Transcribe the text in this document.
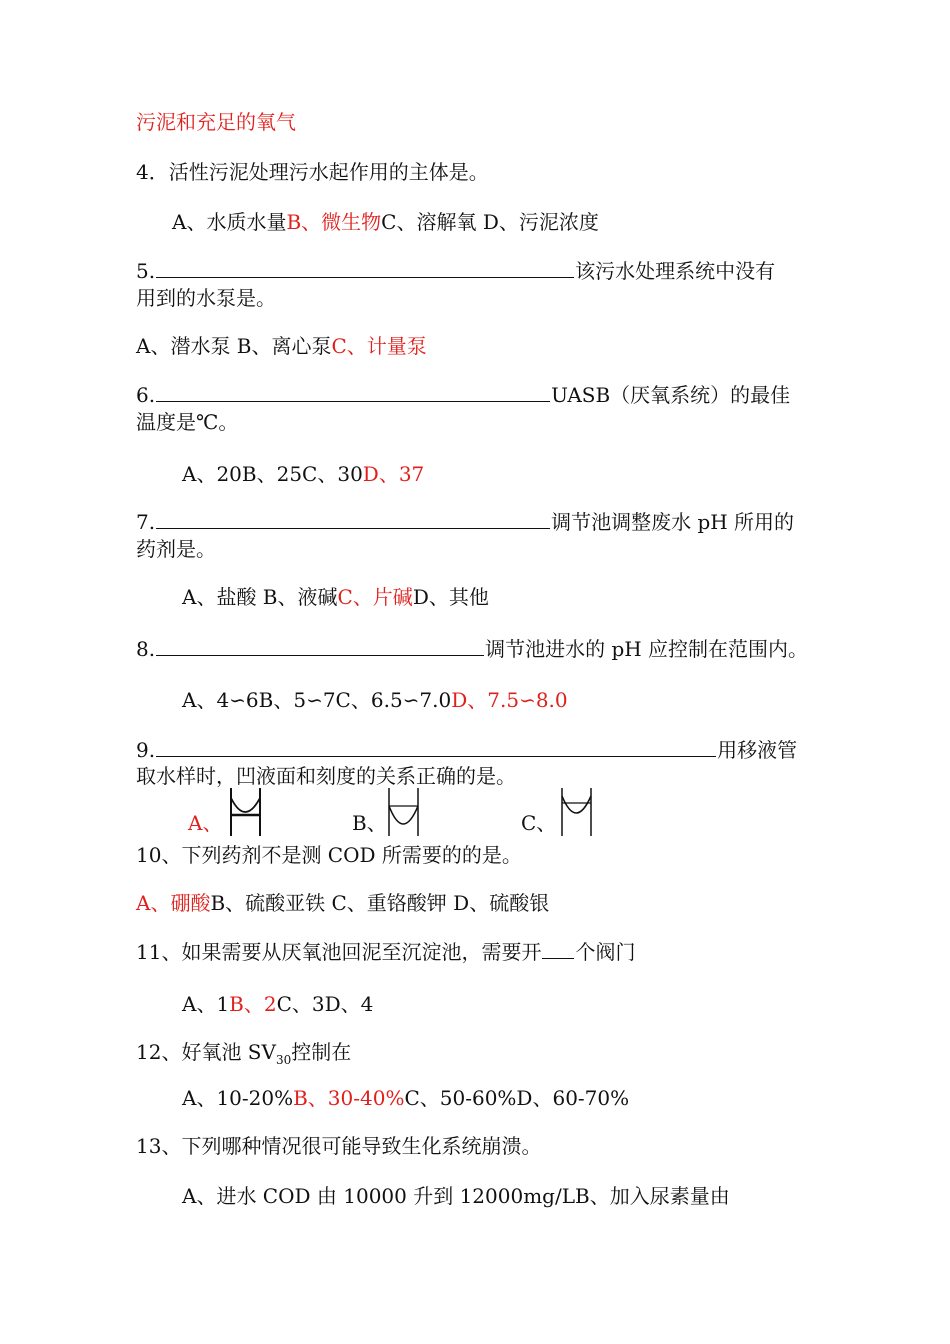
污泥和充足的氧气
4．活性污泥处理污水起作用的主体是。
A、水质水量B、微生物C、溶解氧 D、污泥浓度
5.	该污水处理系统中没有
用到的水泵是。
A、潜水泵 B、离心泵C、计量泵
6.	UASB（厌氧系统）的最佳
温度是℃。
A、20B、25C、30D、37
7.	调节池调整废水 pH 所用的
药剂是。
A、盐酸 B、液碱C、片碱D、其他
8.	调节池进水的 pH 应控制在范围内。
A、4∽6B、5∽7C、6.5∽7.0D、7.5∽8.0
9.	用移液管
取水样时，凹液面和刻度的关系正确的是。
A、	B、	C、
10、下列药剂不是测 COD 所需要的的是。
A、硼酸B、硫酸亚铁 C、重铬酸钾 D、硫酸银
11、如果需要从厌氧池回泥至沉淀池，需要开 个阀门
A、1B、2C、3D、4
12、好氧池 $SV_{30}$控制在
A、10-20%B、30-40%C、50-60%D、60-70%
13、下列哪种情况很可能导致生化系统崩溃。
A、进水 COD 由 10000 升到 12000mg/LB、加入尿素量由
